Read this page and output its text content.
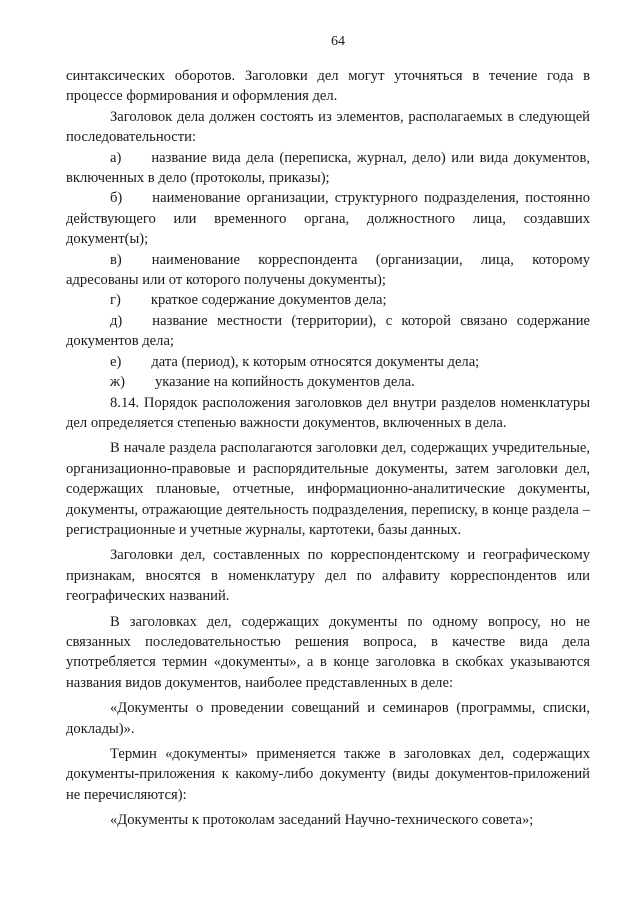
64

синтаксических оборотов. Заголовки дел могут уточняться в течение года в процессе формирования и оформления дел.

Заголовок дела должен состоять из элементов, располагаемых в следующей последовательности:

а) название вида дела (переписка, журнал, дело) или вида документов, включенных в дело (протоколы, приказы);

б) наименование организации, структурного подразделения, постоянно действующего или временного органа, должностного лица, создавших документ(ы);

в) наименование корреспондента (организации, лица, которому адресованы или от которого получены документы);

г) краткое содержание документов дела;

д) название местности (территории), с которой связано содержание документов дела;

е) дата (период), к которым относятся документы дела;

ж) указание на копийность документов дела.

8.14. Порядок расположения заголовков дел внутри разделов номенклатуры дел определяется степенью важности документов, включенных в дела.

В начале раздела располагаются заголовки дел, содержащих учредительные, организационно-правовые и распорядительные документы, затем заголовки дел, содержащих плановые, отчетные, информационно-аналитические документы, документы, отражающие деятельность подразделения, переписку, в конце раздела – регистрационные и учетные журналы, картотеки, базы данных.

Заголовки дел, составленных по корреспондентскому и географическому признакам, вносятся в номенклатуру дел по алфавиту корреспондентов или географических названий.

В заголовках дел, содержащих документы по одному вопросу, но не связанных последовательностью решения вопроса, в качестве вида дела употребляется термин «документы», а в конце заголовка в скобках указываются названия видов документов, наиболее представленных в деле:

«Документы о проведении совещаний и семинаров (программы, списки, доклады)».

Термин «документы» применяется также в заголовках дел, содержащих документы-приложения к какому-либо документу (виды документов-приложений не перечисляются):

«Документы к протоколам заседаний Научно-технического совета»;
